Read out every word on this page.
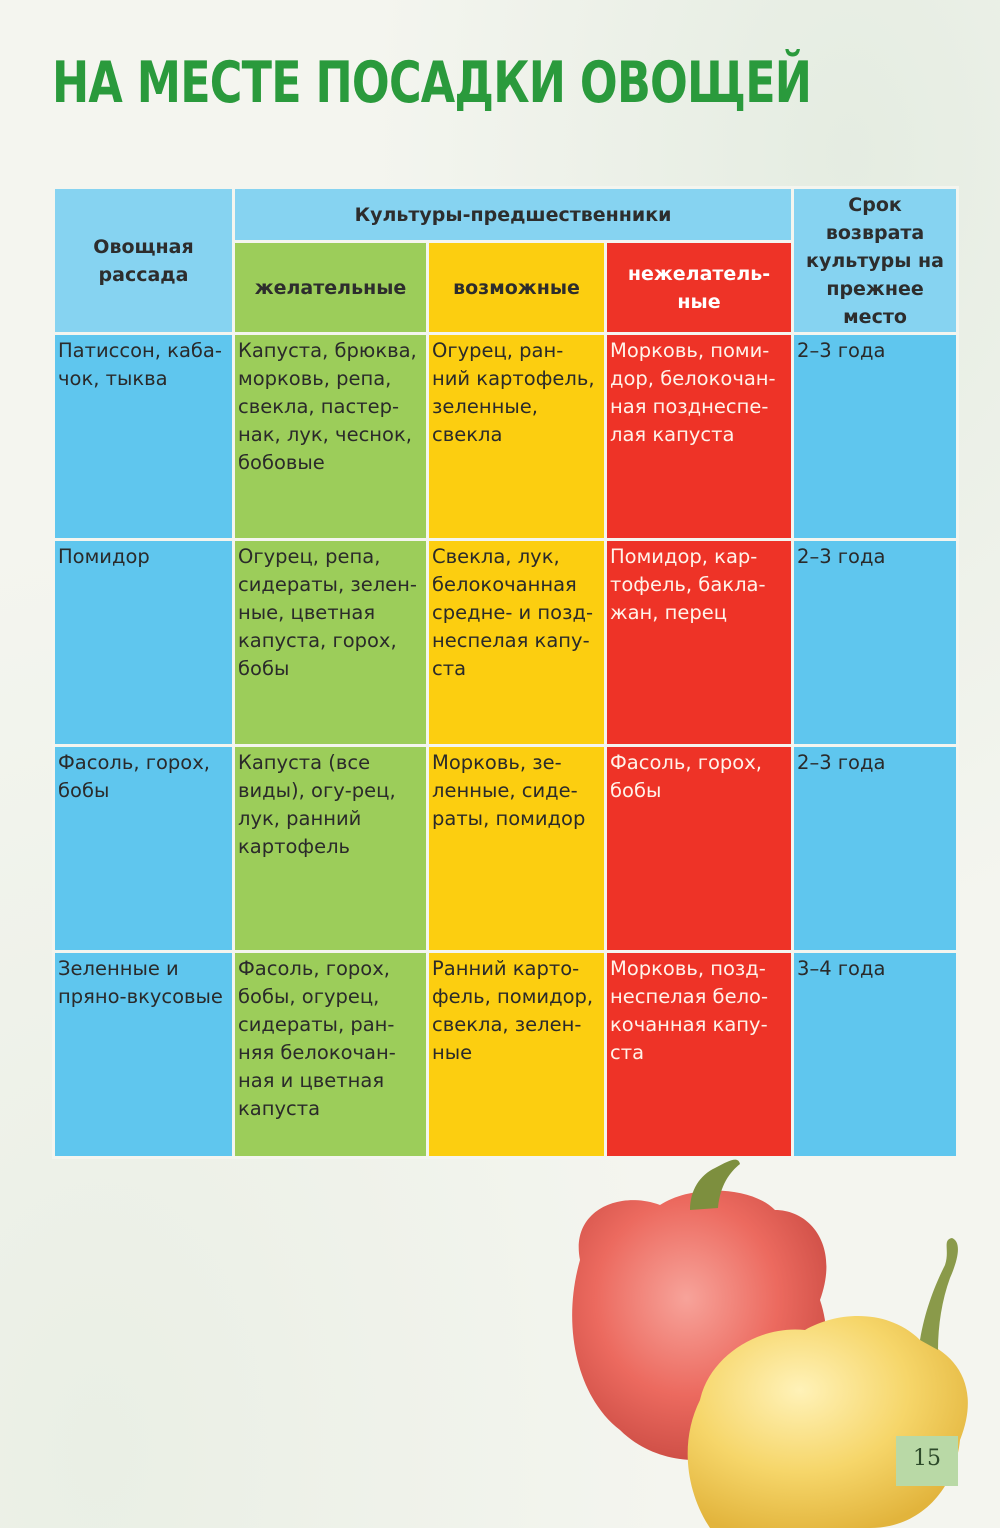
НА МЕСТЕ ПОСАДКИ ОВОЩЕЙ
Овощная рассада	Культуры-предшественники			Срок возврата культуры на прежнее место
	желательные	возможные	нежелатель-ные	
Патиссон, каба-чок, тыква	Капуста, брюква, морковь, репа, свекла, пастер-нак, лук, чеснок, бобовые	Огурец, ран-ний картофель, зеленные, свекла	Морковь, поми-дор, белокочан-ная позднеспе-лая капуста	2–3 года
Помидор	Огурец, репа, сидераты, зелен-ные, цветная капуста, горох, бобы	Свекла, лук, белокочанная средне- и позд-неспелая капу-ста	Помидор, кар-тофель, бакла-жан, перец	2–3 года
Фасоль, горох, бобы	Капуста (все виды), огу-рец, лук, ранний картофель	Морковь, зе-ленные, сиде-раты, помидор	Фасоль, горох, бобы	2–3 года
Зеленные и пряно-вкусовые	Фасоль, горох, бобы, огурец, сидераты, ран-няя белокочан-ная и цветная капуста	Ранний карто-фель, помидор, свекла, зелен-ные	Морковь, позд-неспелая бело-кочанная капу-ста	3–4 года
15
